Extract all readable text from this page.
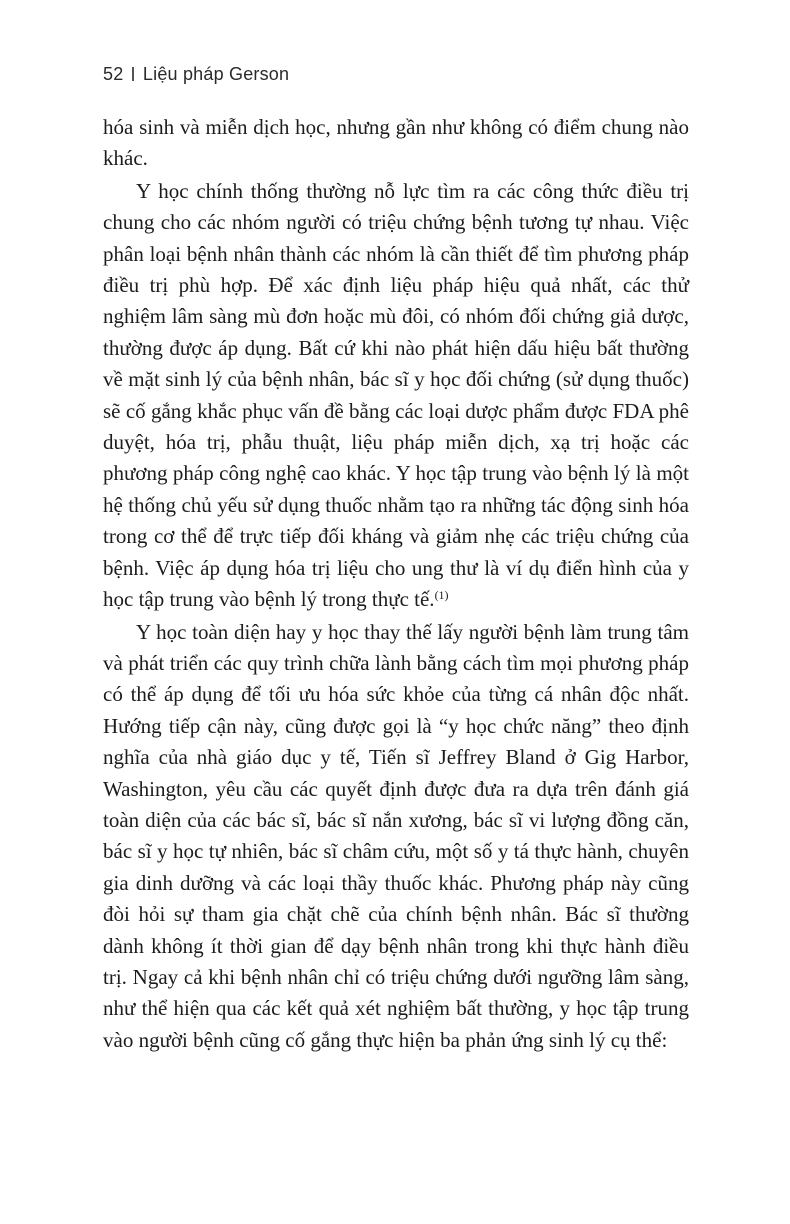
52 Liệu pháp Gerson

hóa sinh và miễn dịch học, nhưng gần như không có điểm chung nào khác.

Y học chính thống thường nỗ lực tìm ra các công thức điều trị chung cho các nhóm người có triệu chứng bệnh tương tự nhau. Việc phân loại bệnh nhân thành các nhóm là cần thiết để tìm phương pháp điều trị phù hợp. Để xác định liệu pháp hiệu quả nhất, các thử nghiệm lâm sàng mù đơn hoặc mù đôi, có nhóm đối chứng giả dược, thường được áp dụng. Bất cứ khi nào phát hiện dấu hiệu bất thường về mặt sinh lý của bệnh nhân, bác sĩ y học đối chứng (sử dụng thuốc) sẽ cố gắng khắc phục vấn đề bằng các loại dược phẩm được FDA phê duyệt, hóa trị, phẫu thuật, liệu pháp miễn dịch, xạ trị hoặc các phương pháp công nghệ cao khác. Y học tập trung vào bệnh lý là một hệ thống chủ yếu sử dụng thuốc nhằm tạo ra những tác động sinh hóa trong cơ thể để trực tiếp đối kháng và giảm nhẹ các triệu chứng của bệnh. Việc áp dụng hóa trị liệu cho ung thư là ví dụ điển hình của y học tập trung vào bệnh lý trong thực tế.$^{(1)}$

Y học toàn diện hay y học thay thế lấy người bệnh làm trung tâm và phát triển các quy trình chữa lành bằng cách tìm mọi phương pháp có thể áp dụng để tối ưu hóa sức khỏe của từng cá nhân độc nhất. Hướng tiếp cận này, cũng được gọi là “y học chức năng” theo định nghĩa của nhà giáo dục y tế, Tiến sĩ Jeffrey Bland ở Gig Harbor, Washington, yêu cầu các quyết định được đưa ra dựa trên đánh giá toàn diện của các bác sĩ, bác sĩ nắn xương, bác sĩ vi lượng đồng căn, bác sĩ y học tự nhiên, bác sĩ châm cứu, một số y tá thực hành, chuyên gia dinh dưỡng và các loại thầy thuốc khác. Phương pháp này cũng đòi hỏi sự tham gia chặt chẽ của chính bệnh nhân. Bác sĩ thường dành không ít thời gian để dạy bệnh nhân trong khi thực hành điều trị. Ngay cả khi bệnh nhân chỉ có triệu chứng dưới ngưỡng lâm sàng, như thể hiện qua các kết quả xét nghiệm bất thường, y học tập trung vào người bệnh cũng cố gắng thực hiện ba phản ứng sinh lý cụ thể:
